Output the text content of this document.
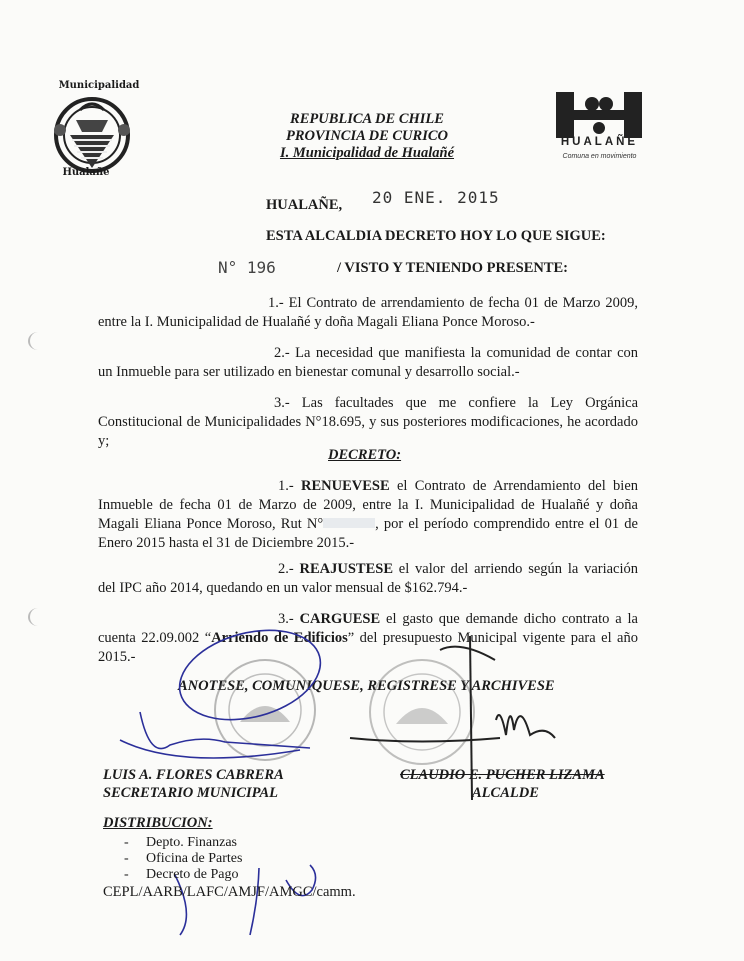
Municipalidad
Hualañé
REPUBLICA DE CHILE
PROVINCIA DE CURICO
I. Municipalidad de Hualañé
HUALAÑE
Comuna en movimiento
HUALAÑE, 20 ENE. 2015
ESTA ALCALDIA DECRETO HOY LO QUE SIGUE:
N° 196	/ VISTO Y TENIENDO PRESENTE:
1.- El Contrato de arrendamiento de fecha 01 de Marzo 2009, entre la I. Municipalidad de Hualañé y doña Magali Eliana Ponce Moroso.-
2.- La necesidad que manifiesta la comunidad de contar con un Inmueble para ser utilizado en bienestar comunal y desarrollo social.-
3.- Las facultades que me confiere la Ley Orgánica Constitucional de Municipalidades N°18.695, y sus posteriores modificaciones, he acordado y;
DECRETO:
1.- RENUEVESE el Contrato de Arrendamiento del bien Inmueble de fecha 01 de Marzo de 2009, entre la I. Municipalidad de Hualañé y doña Magali Eliana Ponce Moroso, Rut N°	, por el período comprendido entre el 01 de Enero 2015 hasta el 31 de Diciembre 2015.-
2.- REAJUSTESE el valor del arriendo según la variación del IPC año 2014, quedando en un valor mensual de $162.794.-
3.- CARGUESE el gasto que demande dicho contrato a la cuenta 22.09.002 “Arriendo de Edificios” del presupuesto Municipal vigente para el año 2015.-
ANOTESE, COMUNIQUESE, REGISTRESE Y ARCHIVESE
LUIS A. FLORES CABRERA
SECRETARIO MUNICIPAL
CLAUDIO E. PUCHER LIZAMA
ALCALDE
DISTRIBUCION:
- Depto. Finanzas
- Oficina de Partes
- Decreto de Pago
CEPL/AARB/LAFC/AMJF/AMGC/camm.
